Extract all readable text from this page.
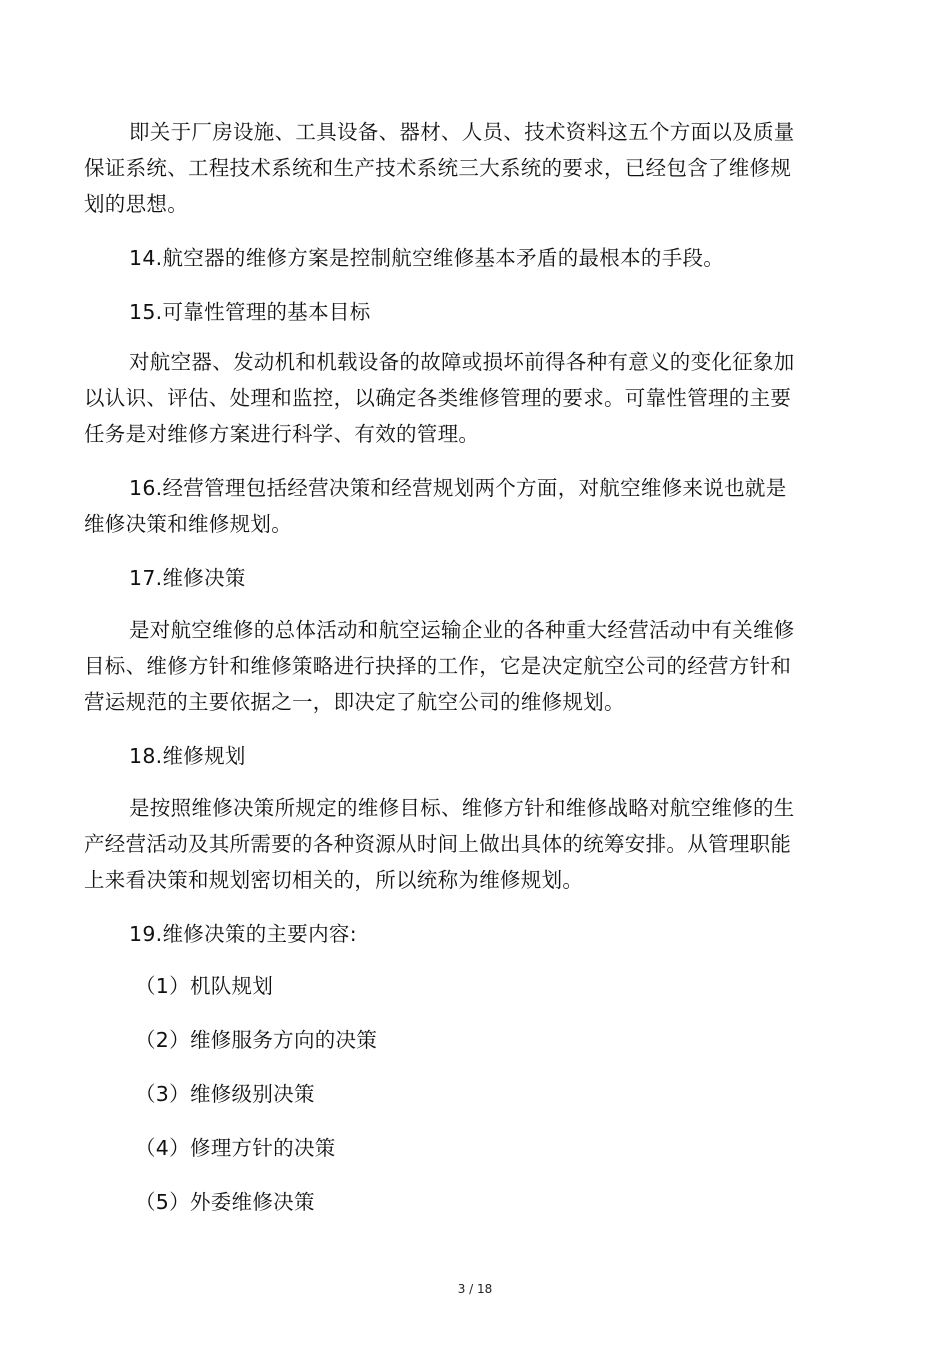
即关于厂房设施、工具设备、器材、人员、技术资料这五个方面以及质量保证系统、工程技术系统和生产技术系统三大系统的要求，已经包含了维修规划的思想。

14.航空器的维修方案是控制航空维修基本矛盾的最根本的手段。

15.可靠性管理的基本目标

对航空器、发动机和机载设备的故障或损坏前得各种有意义的变化征象加以认识、评估、处理和监控，以确定各类维修管理的要求。可靠性管理的主要任务是对维修方案进行科学、有效的管理。

16.经营管理包括经营决策和经营规划两个方面，对航空维修来说也就是维修决策和维修规划。

17.维修决策

是对航空维修的总体活动和航空运输企业的各种重大经营活动中有关维修目标、维修方针和维修策略进行抉择的工作，它是决定航空公司的经营方针和营运规范的主要依据之一，即决定了航空公司的维修规划。

18.维修规划

是按照维修决策所规定的维修目标、维修方针和维修战略对航空维修的生产经营活动及其所需要的各种资源从时间上做出具体的统筹安排。从管理职能上来看决策和规划密切相关的，所以统称为维修规划。

19.维修决策的主要内容:

（1）机队规划

（2）维修服务方向的决策

（3）维修级别决策

（4）修理方针的决策

（5）外委维修决策

3 / 18
